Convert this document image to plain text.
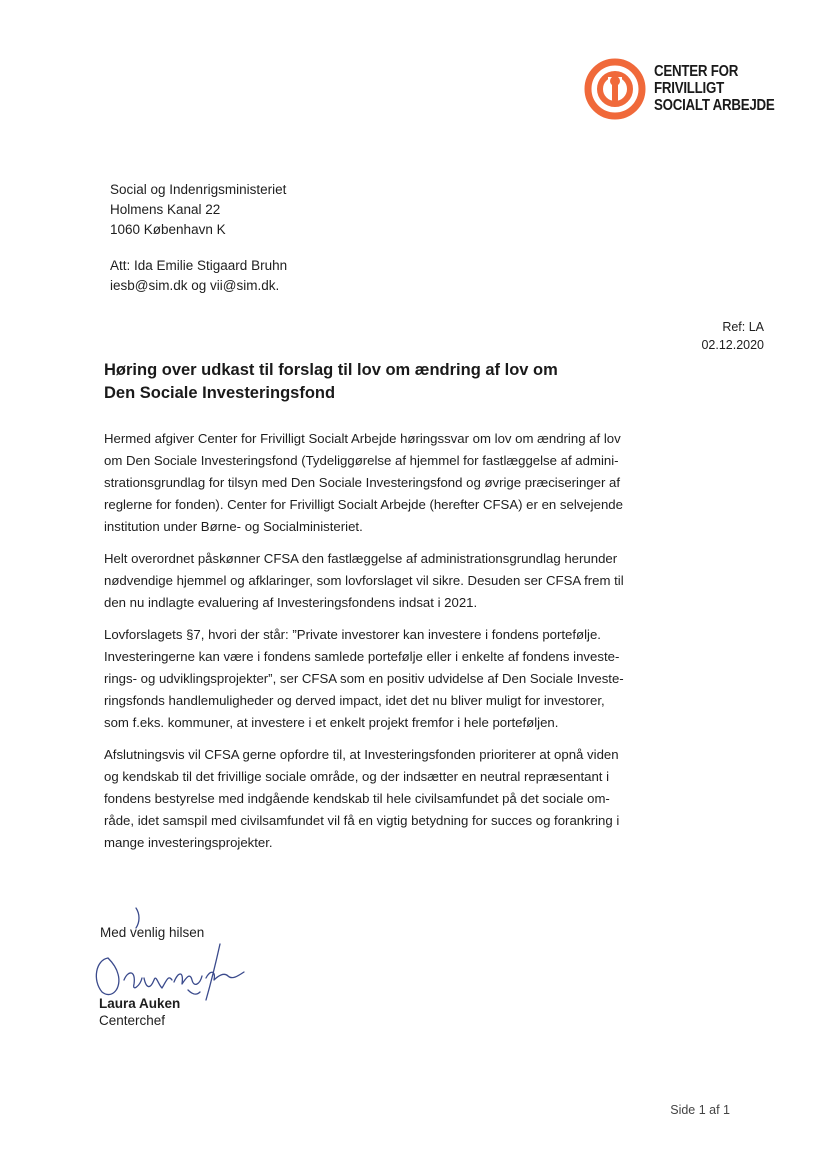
CENTER FOR
FRIVILLIGT
SOCIALT ARBEJDE
Social og Indenrigsministeriet
Holmens Kanal 22
1060 København K
Att: Ida Emilie Stigaard Bruhn
iesb@sim.dk og vii@sim.dk.
Ref: LA
02.12.2020
Høring over udkast til forslag til lov om ændring af lov om
Den Sociale Investeringsfond
Hermed afgiver Center for Frivilligt Socialt Arbejde høringssvar om lov om ændring af lov
om Den Sociale Investeringsfond (Tydeliggørelse af hjemmel for fastlæggelse af admini-
strationsgrundlag for tilsyn med Den Sociale Investeringsfond og øvrige præciseringer af
reglerne for fonden). Center for Frivilligt Socialt Arbejde (herefter CFSA) er en selvejende
institution under Børne- og Socialministeriet.
Helt overordnet påskønner CFSA den fastlæggelse af administrationsgrundlag herunder
nødvendige hjemmel og afklaringer, som lovforslaget vil sikre. Desuden ser CFSA frem til
den nu indlagte evaluering af Investeringsfondens indsat i 2021.
Lovforslagets §7, hvori der står: ”Private investorer kan investere i fondens portefølje.
Investeringerne kan være i fondens samlede portefølje eller i enkelte af fondens investe-
rings- og udviklingsprojekter”, ser CFSA som en positiv udvidelse af Den Sociale Investe-
ringsfonds handlemuligheder og derved impact, idet det nu bliver muligt for investorer,
som f.eks. kommuner, at investere i et enkelt projekt fremfor i hele porteføljen.
Afslutningsvis vil CFSA gerne opfordre til, at Investeringsfonden prioriterer at opnå viden
og kendskab til det frivillige sociale område, og der indsætter en neutral repræsentant i
fondens bestyrelse med indgående kendskab til hele civilsamfundet på det sociale om-
råde, idet samspil med civilsamfundet vil få en vigtig betydning for succes og forankring i
mange investeringsprojekter.
Med venlig hilsen
Laura Auken
Centerchef
Side 1 af 1
